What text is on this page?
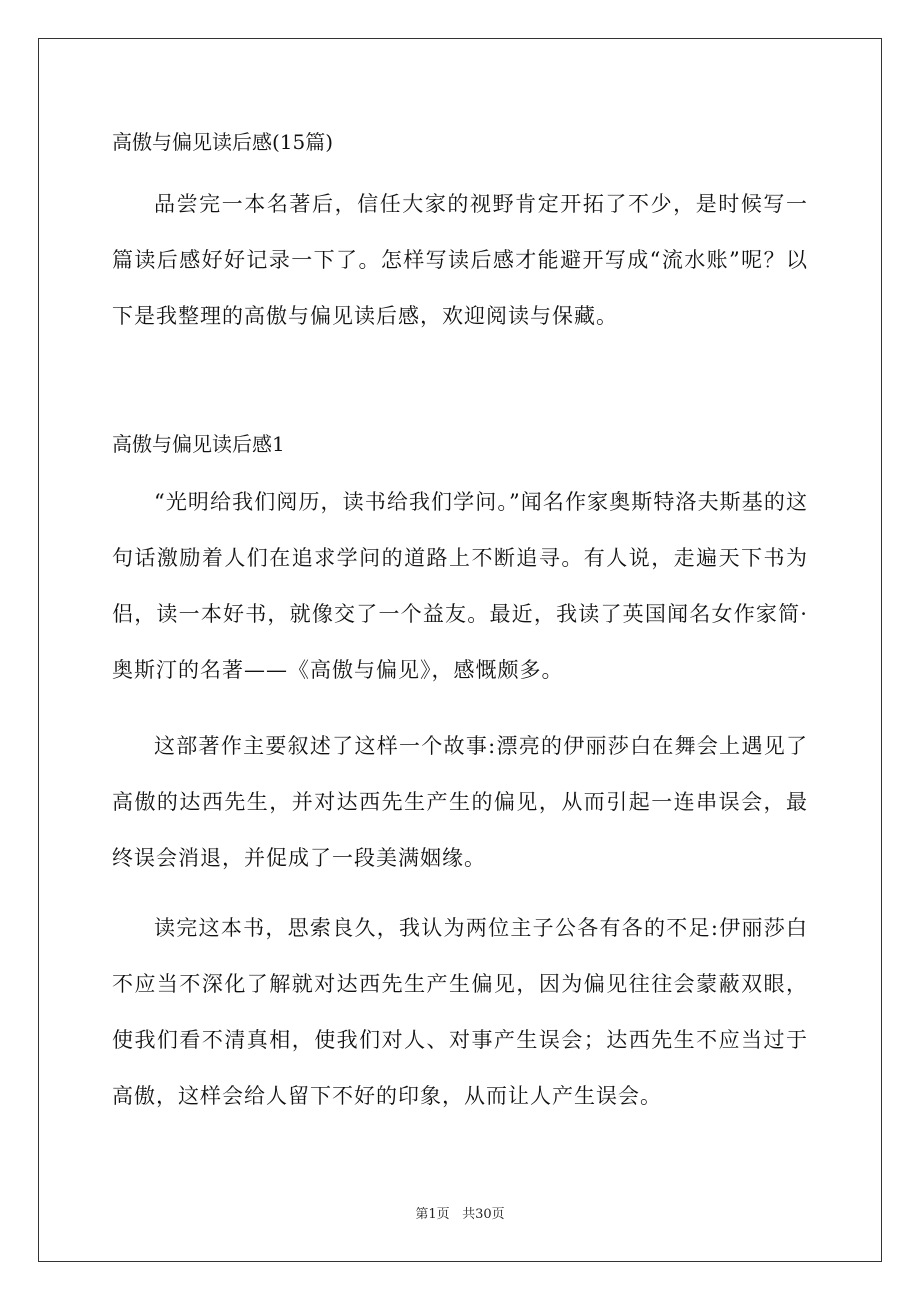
高傲与偏见读后感(15篇)

品尝完一本名著后，信任大家的视野肯定开拓了不少，是时候写一篇读后感好好记录一下了。怎样写读后感才能避开写成“流水账”呢？以下是我整理的高傲与偏见读后感，欢迎阅读与保藏。

高傲与偏见读后感1

“光明给我们阅历，读书给我们学问。”闻名作家奥斯特洛夫斯基的这句话激励着人们在追求学问的道路上不断追寻。有人说，走遍天下书为侣，读一本好书，就像交了一个益友。最近，我读了英国闻名女作家简·奥斯汀的名著——《高傲与偏见》，感慨颇多。

这部著作主要叙述了这样一个故事:漂亮的伊丽莎白在舞会上遇见了高傲的达西先生，并对达西先生产生的偏见，从而引起一连串误会，最终误会消退，并促成了一段美满姻缘。

读完这本书，思索良久，我认为两位主子公各有各的不足:伊丽莎白不应当不深化了解就对达西先生产生偏见，因为偏见往往会蒙蔽双眼，使我们看不清真相，使我们对人、对事产生误会；达西先生不应当过于高傲，这样会给人留下不好的印象，从而让人产生误会。

第1页 共30页
